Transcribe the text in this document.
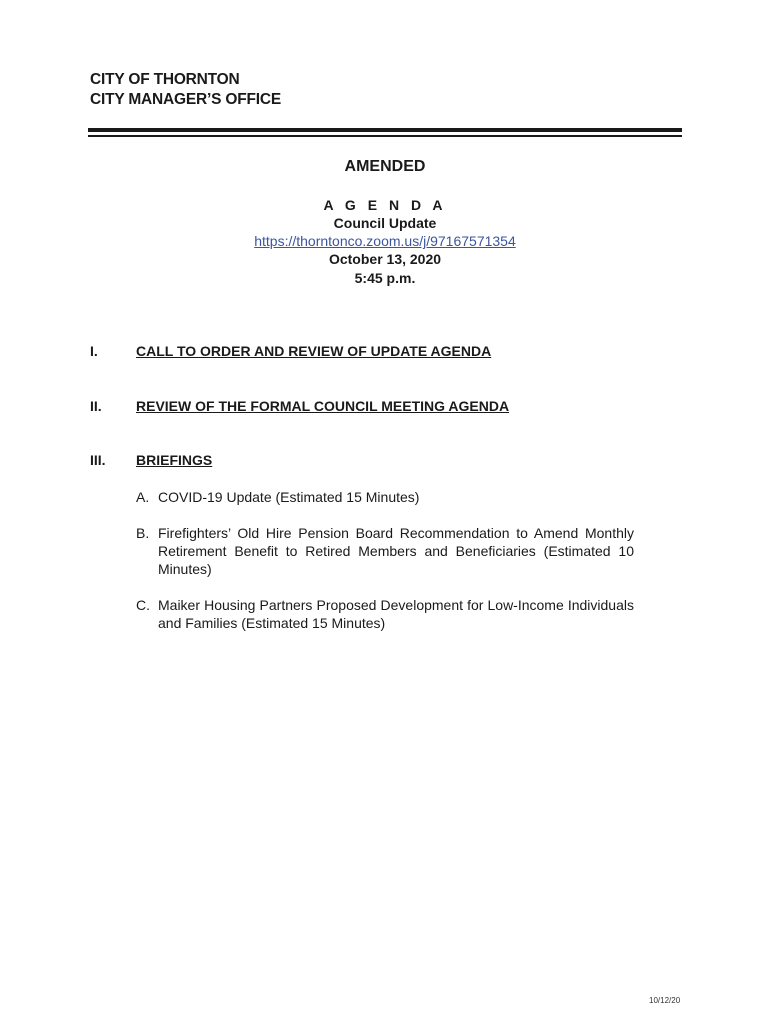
CITY OF THORNTON
CITY MANAGER’S OFFICE
AMENDED
A G E N D A
Council Update
https://thorntonco.zoom.us/j/97167571354
October 13, 2020
5:45 p.m.
I.	CALL TO ORDER AND REVIEW OF UPDATE AGENDA
II. REVIEW OF THE FORMAL COUNCIL MEETING AGENDA
III. BRIEFINGS
A. COVID-19 Update (Estimated 15 Minutes)
B. Firefighters’ Old Hire Pension Board Recommendation to Amend Monthly Retirement Benefit to Retired Members and Beneficiaries (Estimated 10 Minutes)
C. Maiker Housing Partners Proposed Development for Low-Income Individuals and Families (Estimated 15 Minutes)
10/12/20
